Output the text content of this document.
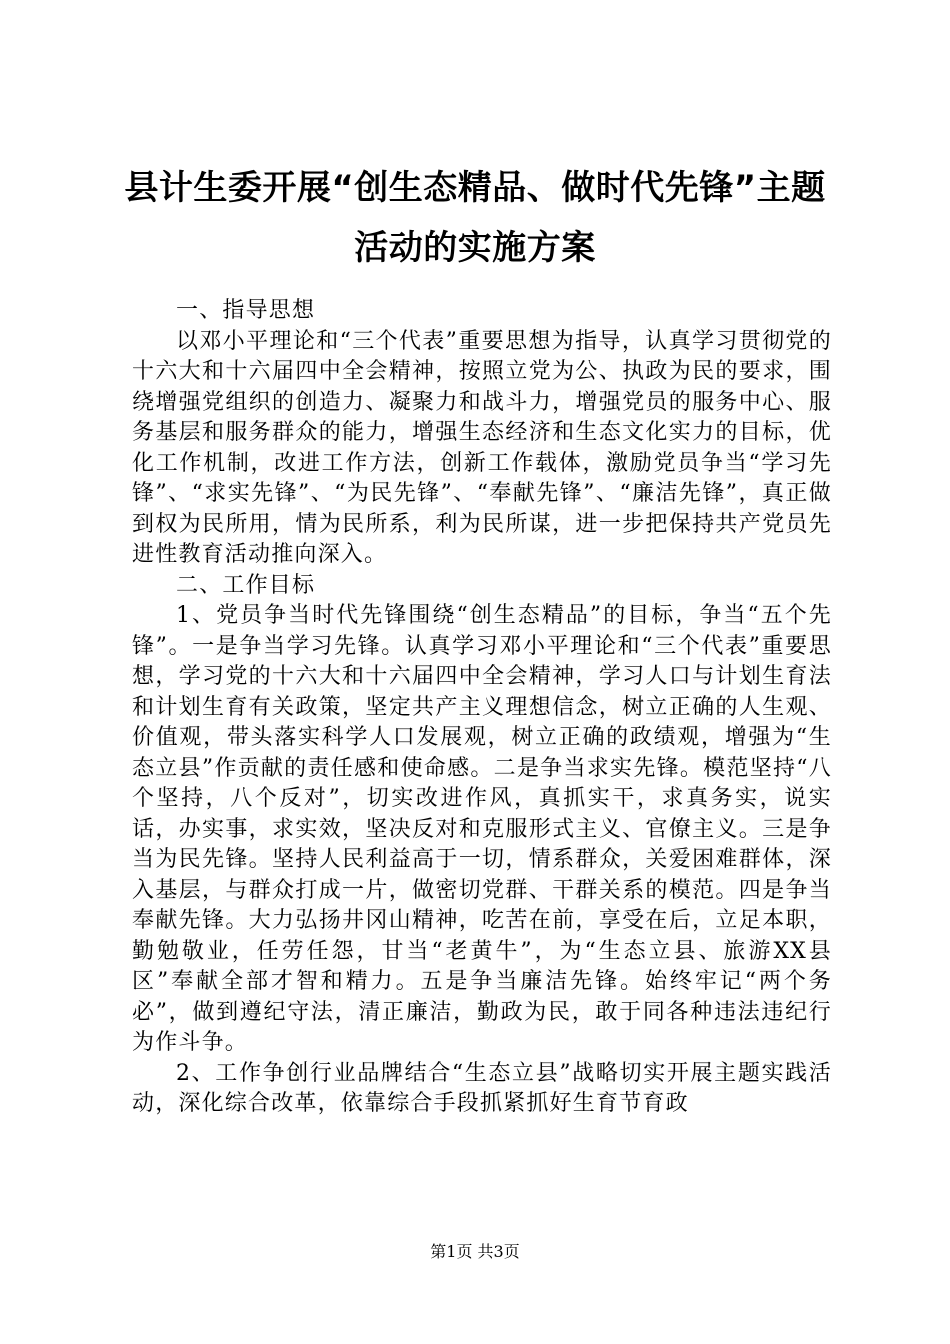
县计生委开展“创生态精品、做时代先锋”主题活动的实施方案

一、指导思想

以邓小平理论和“三个代表”重要思想为指导，认真学习贯彻党的十六大和十六届四中全会精神，按照立党为公、执政为民的要求，围绕增强党组织的创造力、凝聚力和战斗力，增强党员的服务中心、服务基层和服务群众的能力，增强生态经济和生态文化实力的目标，优化工作机制，改进工作方法，创新工作载体，激励党员争当“学习先锋”、“求实先锋”、“为民先锋”、“奉献先锋”、“廉洁先锋”，真正做到权为民所用，情为民所系，利为民所谋，进一步把保持共产党员先进性教育活动推向深入。

二、工作目标

1、党员争当时代先锋围绕“创生态精品”的目标，争当“五个先锋”。一是争当学习先锋。认真学习邓小平理论和“三个代表”重要思想，学习党的十六大和十六届四中全会精神，学习人口与计划生育法和计划生育有关政策，坚定共产主义理想信念，树立正确的人生观、价值观，带头落实科学人口发展观，树立正确的政绩观，增强为“生态立县”作贡献的责任感和使命感。二是争当求实先锋。模范坚持“八个坚持，八个反对”，切实改进作风，真抓实干，求真务实，说实话，办实事，求实效，坚决反对和克服形式主义、官僚主义。三是争当为民先锋。坚持人民利益高于一切，情系群众，关爱困难群体，深入基层，与群众打成一片，做密切党群、干群关系的模范。四是争当奉献先锋。大力弘扬井冈山精神，吃苦在前，享受在后，立足本职，勤勉敬业，任劳任怨，甘当“老黄牛”，为“生态立县、旅游XX县区”奉献全部才智和精力。五是争当廉洁先锋。始终牢记“两个务必”，做到遵纪守法，清正廉洁，勤政为民，敢于同各种违法违纪行为作斗争。

2、工作争创行业品牌结合“生态立县”战略切实开展主题实践活动，深化综合改革，依靠综合手段抓紧抓好生育节育政

第1页 共3页
